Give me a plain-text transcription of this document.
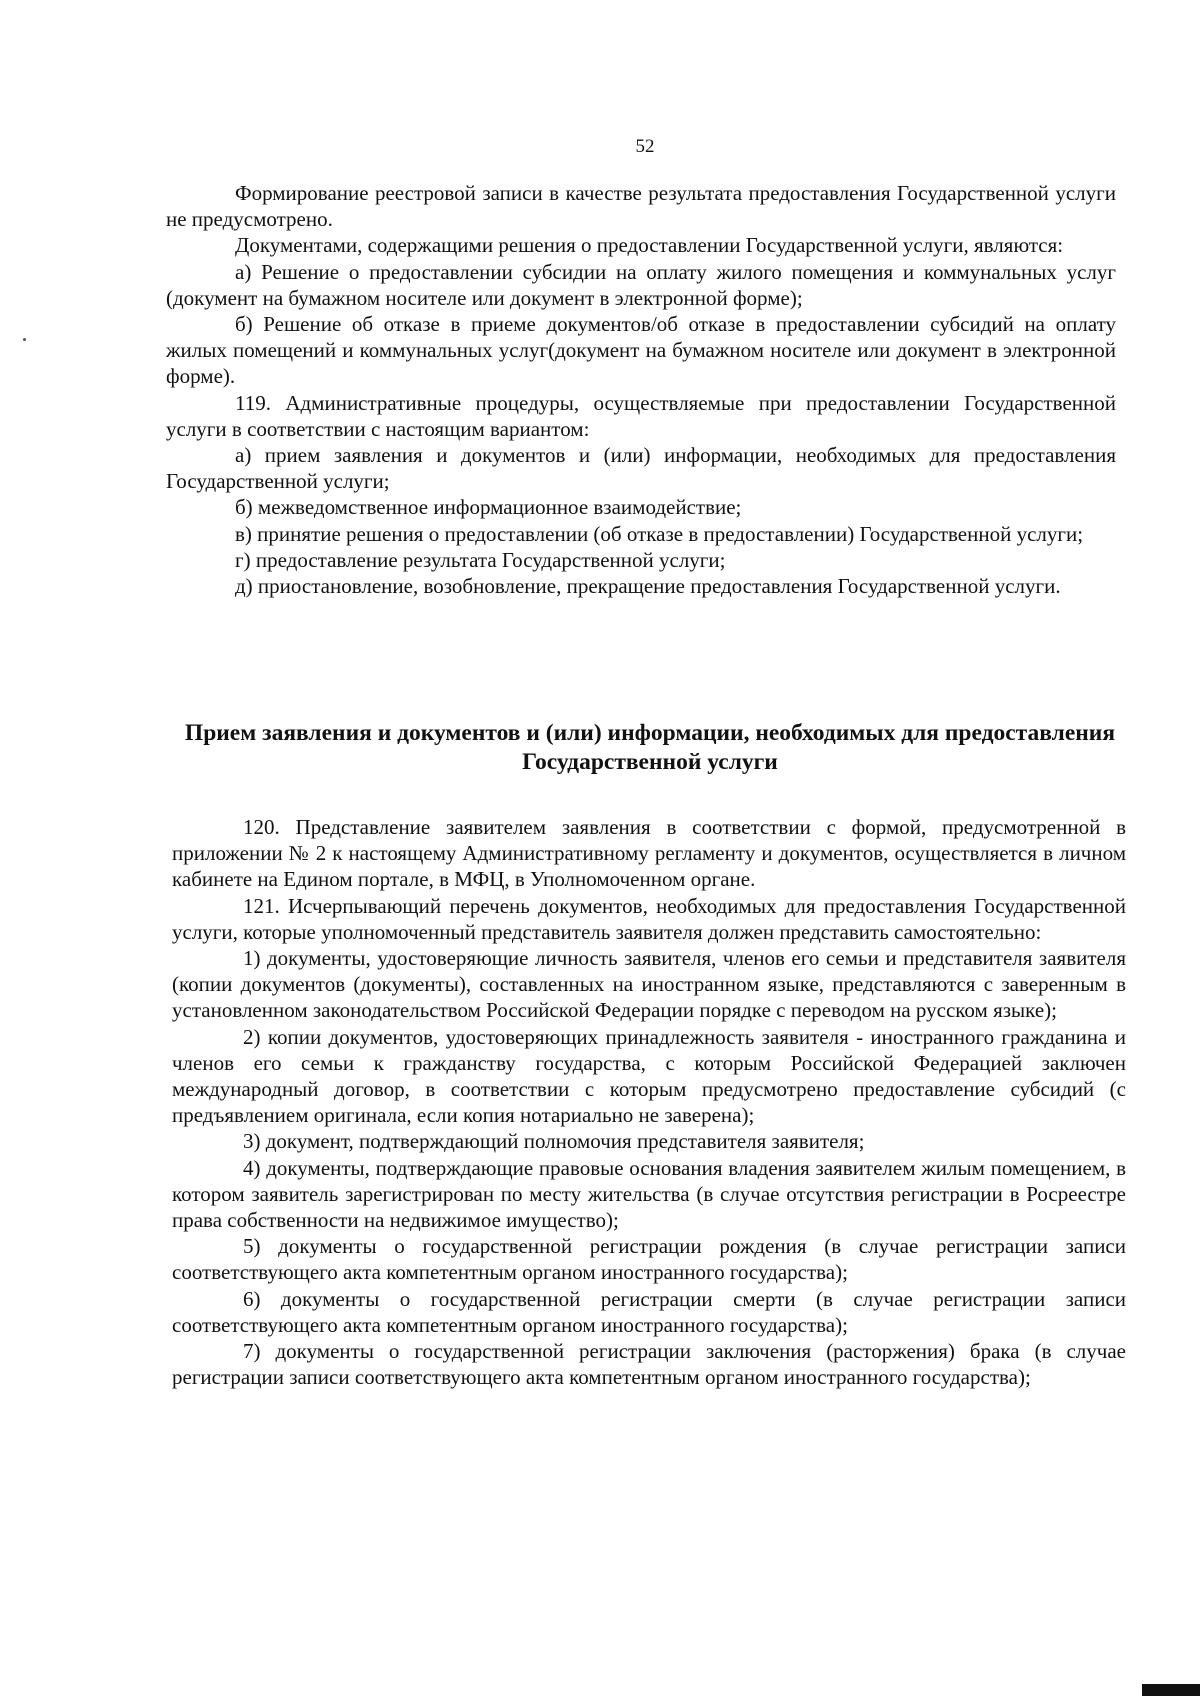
52

Формирование реестровой записи в качестве результата предоставления Государственной услуги не предусмотрено.

Документами, содержащими решения о предоставлении Государственной услуги, являются:

а) Решение о предоставлении субсидии на оплату жилого помещения и коммунальных услуг (документ на бумажном носителе или документ в электронной форме);

б) Решение об отказе в приеме документов/об отказе в предоставлении субсидий на оплату жилых помещений и коммунальных услуг(документ на бумажном носителе или документ в электронной форме).

119. Административные процедуры, осуществляемые при предоставлении Государственной услуги в соответствии с настоящим вариантом:

а) прием заявления и документов и (или) информации, необходимых для предоставления Государственной услуги;

б) межведомственное информационное взаимодействие;

в) принятие решения о предоставлении (об отказе в предоставлении) Государственной услуги;

г) предоставление результата Государственной услуги;

д) приостановление, возобновление, прекращение предоставления Государственной услуги.

Прием заявления и документов и (или) информации, необходимых для предоставления Государственной услуги

120. Представление заявителем заявления в соответствии с формой, предусмотренной в приложении № 2 к настоящему Административному регламенту и документов, осуществляется в личном кабинете на Едином портале, в МФЦ, в Уполномоченном органе.

121. Исчерпывающий перечень документов, необходимых для предоставления Государственной услуги, которые уполномоченный представитель заявителя должен представить самостоятельно:

1) документы, удостоверяющие личность заявителя, членов его семьи и представителя заявителя (копии документов (документы), составленных на иностранном языке, представляются с заверенным в установленном законодательством Российской Федерации порядке с переводом на русском языке);

2) копии документов, удостоверяющих принадлежность заявителя - иностранного гражданина и членов его семьи к гражданству государства, с которым Российской Федерацией заключен международный договор, в соответствии с которым предусмотрено предоставление субсидий (с предъявлением оригинала, если копия нотариально не заверена);

3) документ, подтверждающий полномочия представителя заявителя;

4) документы, подтверждающие правовые основания владения заявителем жилым помещением, в котором заявитель зарегистрирован по месту жительства (в случае отсутствия регистрации в Росреестре права собственности на недвижимое имущество);

5) документы о государственной регистрации рождения (в случае регистрации записи соответствующего акта компетентным органом иностранного государства);

6) документы о государственной регистрации смерти (в случае регистрации записи соответствующего акта компетентным органом иностранного государства);

7) документы о государственной регистрации заключения (расторжения) брака (в случае регистрации записи соответствующего акта компетентным органом иностранного государства);
